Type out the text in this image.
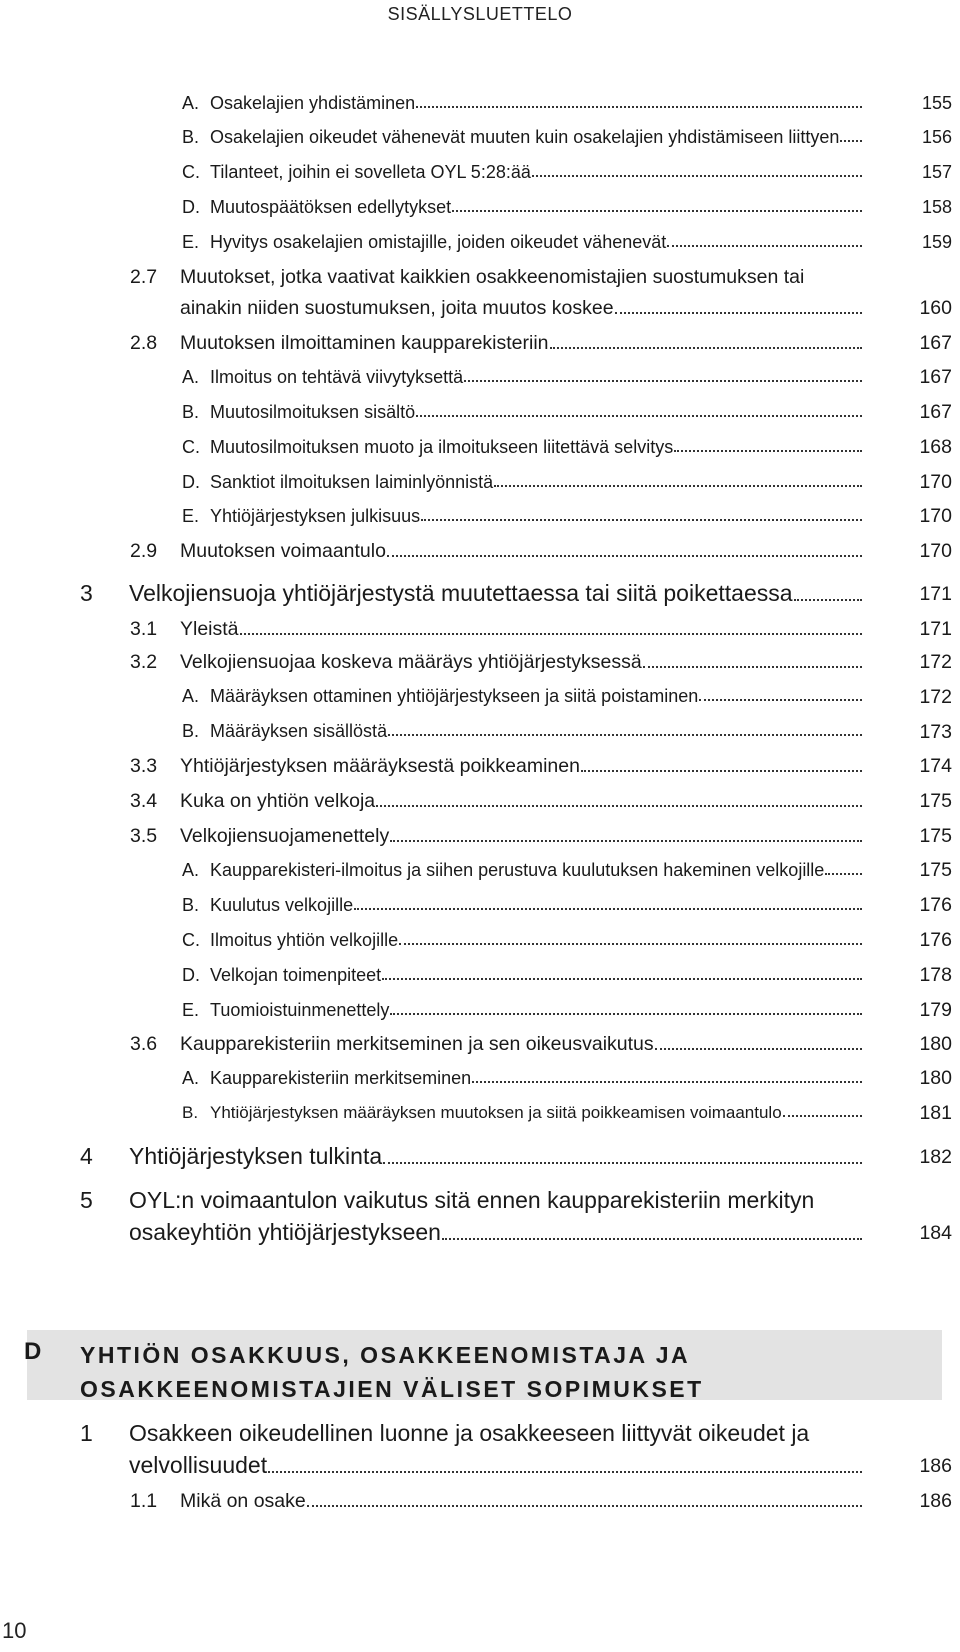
SISÄLLYSLUETTELO
A. Osakelajien yhdistäminen	155
B. Osakelajien oikeudet vähenevät muuten kuin osakelajien yhdistämiseen liittyen	156
C. Tilanteet, joihin ei sovelleta OYL 5:28:ää	157
D. Muutospäätöksen edellytykset	158
E. Hyvitys osakelajien omistajille, joiden oikeudet vähenevät	159
2.7 Muutokset, jotka vaativat kaikkien osakkeenomistajien suostumuksen tai
ainakin niiden suostumuksen, joita muutos koskee	160
2.8	Muutoksen ilmoittaminen kaupparekisteriin	167
A. Ilmoitus on tehtävä viivytyksettä	167
B. Muutosilmoituksen sisältö	167
C. Muutosilmoituksen muoto ja ilmoitukseen liitettävä selvitys	168
D. Sanktiot ilmoituksen laiminlyönnistä	170
E. Yhtiöjärjestyksen julkisuus	170
2.9	Muutoksen voimaantulo	170
3	Velkojiensuoja yhtiöjärjestystä muutettaessa tai siitä poikettaessa	171
3.1	Yleistä	171
3.2	Velkojiensuojaa koskeva määräys yhtiöjärjestyksessä	172
A. Määräyksen ottaminen yhtiöjärjestykseen ja siitä poistaminen	172
B. Määräyksen sisällöstä	173
3.3	Yhtiöjärjestyksen määräyksestä poikkeaminen	174
3.4	Kuka on yhtiön velkoja	175
3.5	Velkojiensuojamenettely	175
A. Kaupparekisteri-ilmoitus ja siihen perustuva kuulutuksen hakeminen velkojille	175
B. Kuulutus velkojille	176
C. Ilmoitus yhtiön velkojille	176
D. Velkojan toimenpiteet	178
E. Tuomioistuinmenettely	179
3.6	Kaupparekisteriin merkitseminen ja sen oikeusvaikutus	180
A. Kaupparekisteriin merkitseminen	180
B. Yhtiöjärjestyksen määräyksen muutoksen ja siitä poikkeamisen voimaantulo	181
4	Yhtiöjärjestyksen tulkinta	182
5 OYL:n voimaantulon vaikutus sitä ennen kaupparekisteriin merkityn
osakeyhtiön yhtiöjärjestykseen	184
D YHTIÖN OSAKKUUS, OSAKKEENOMISTAJA JA OSAKKEENOMISTAJIEN VÄLISET SOPIMUKSET
1 Osakkeen oikeudellinen luonne ja osakkeeseen liittyvät oikeudet ja
velvollisuudet	186
1.1	Mikä on osake	186
10
